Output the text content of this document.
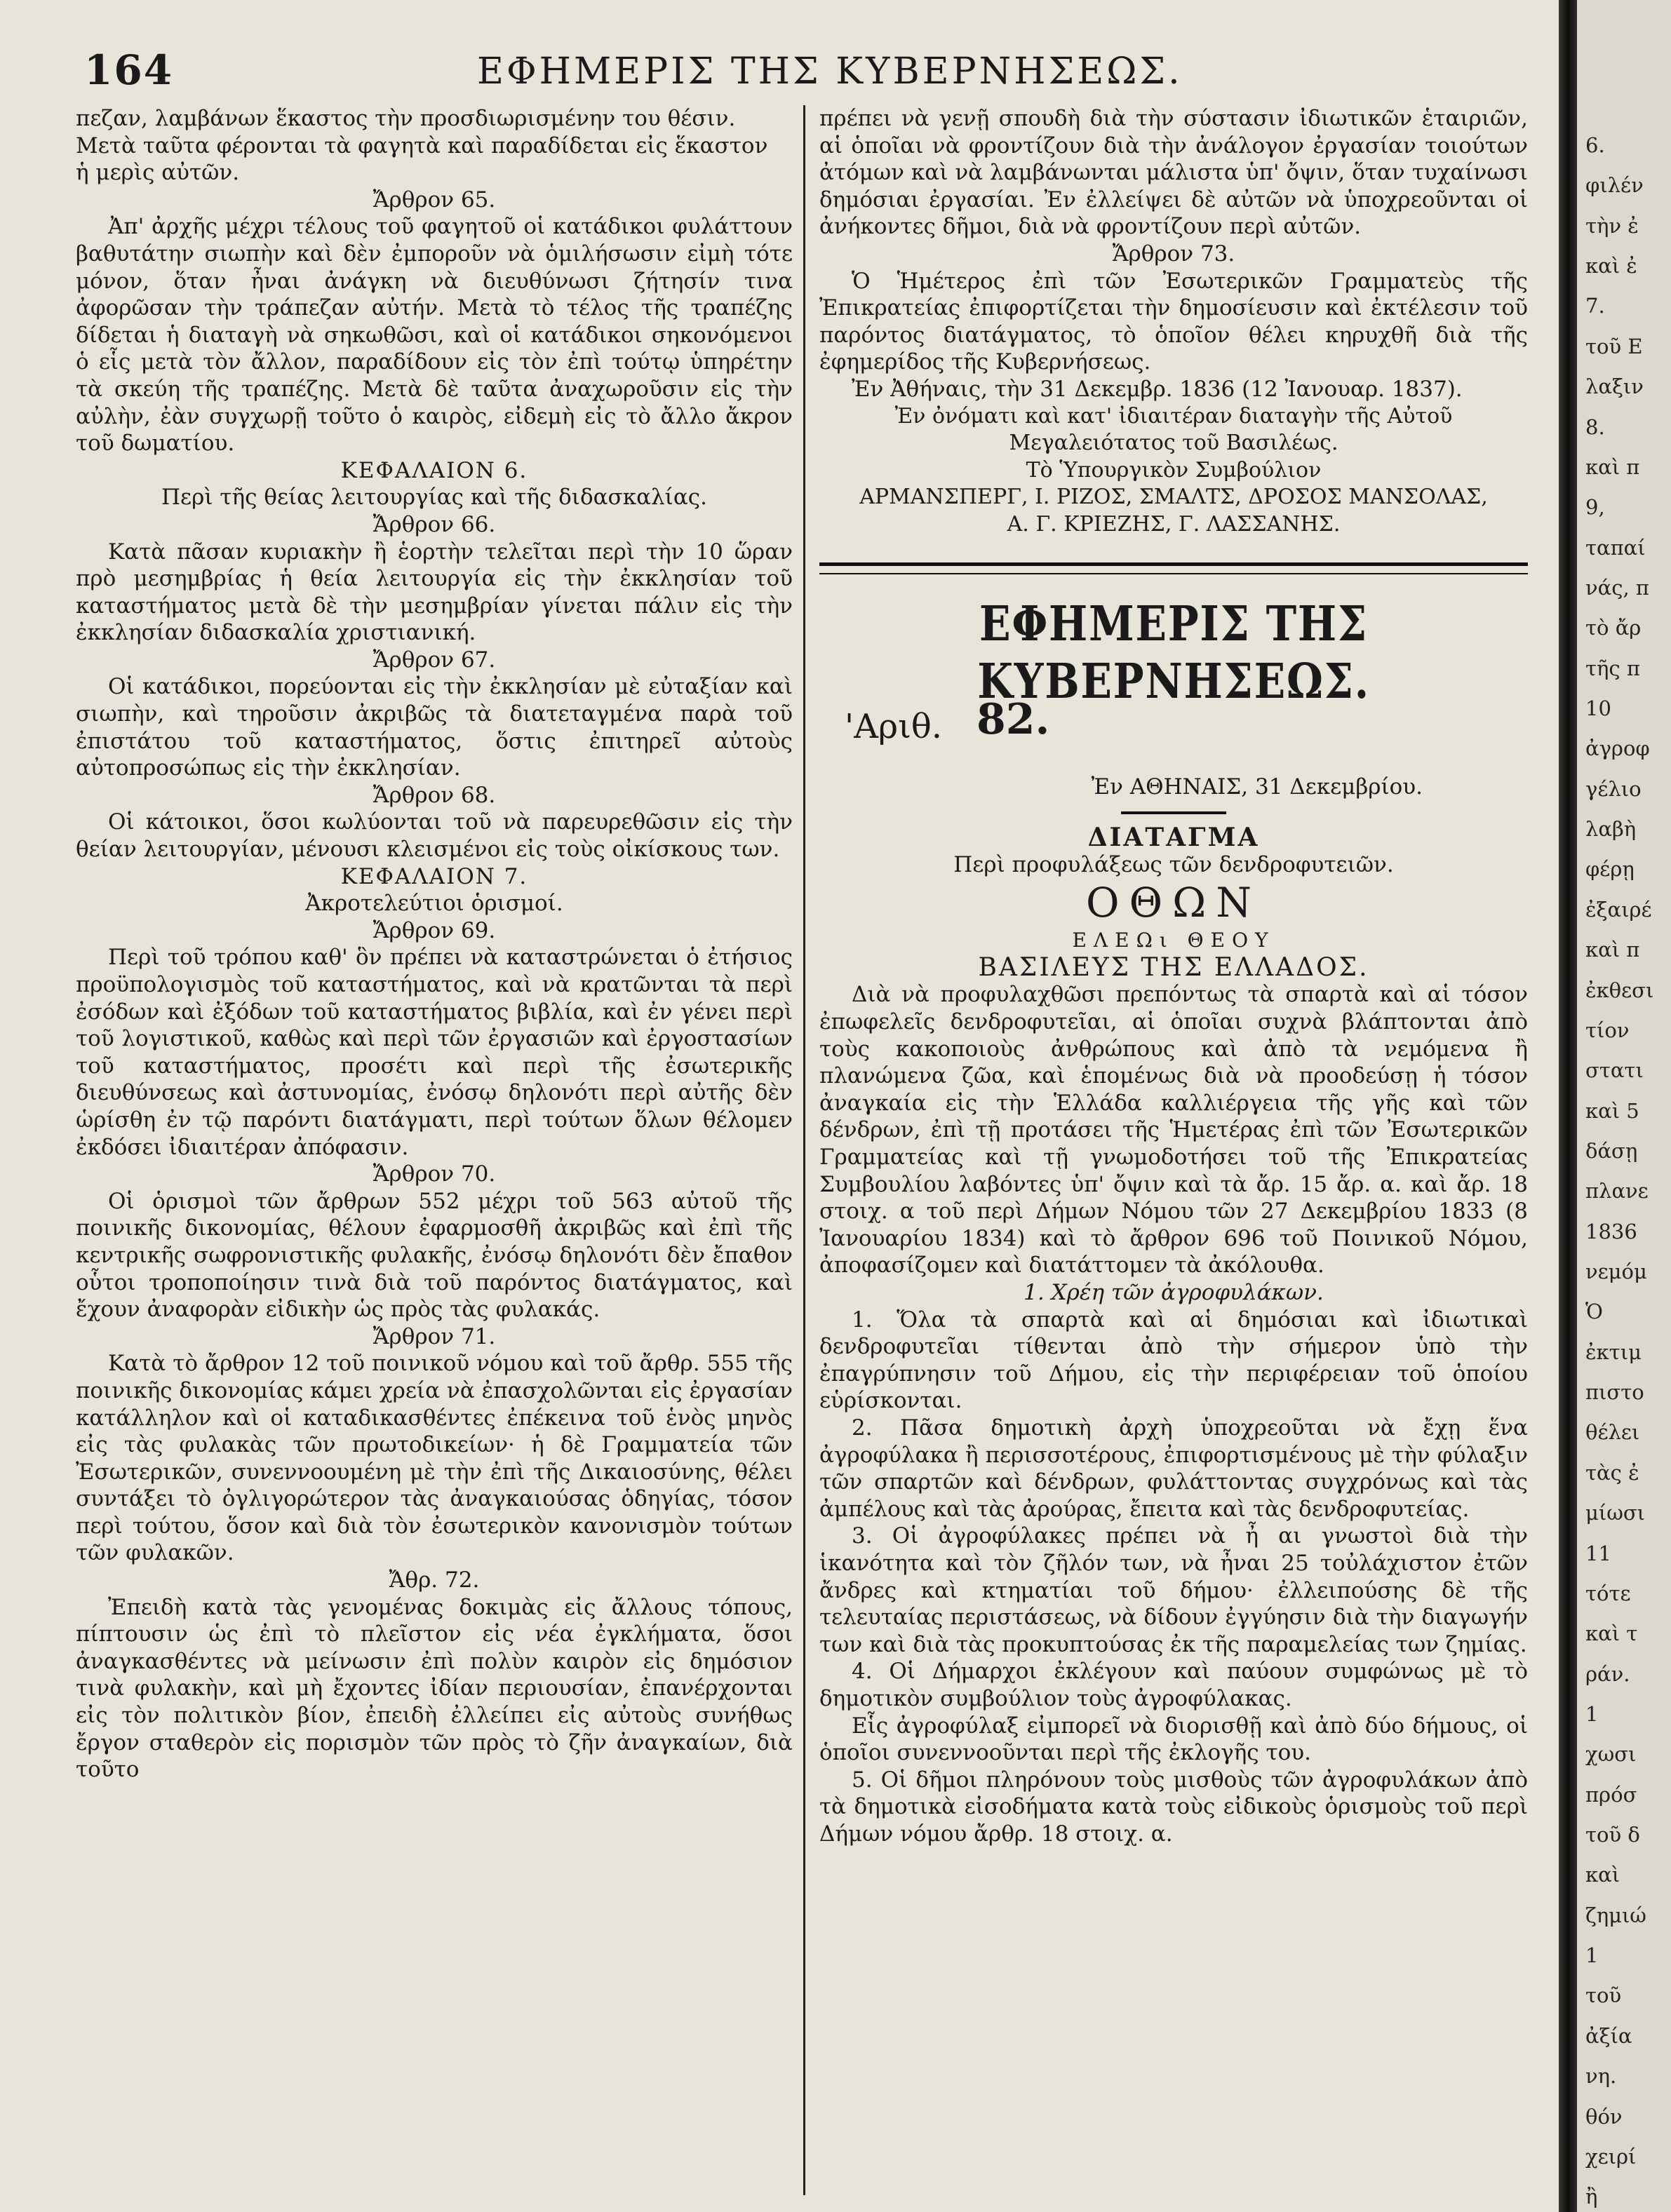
164	ΕΦΗΜΕΡΙΣ ΤΗΣ ΚΥΒΕΡΝΗΣΕΩΣ.

πεζαν, λαμβάνων ἕκαστος τὴν προσδιωρισμένην του θέσιν.

Μετὰ ταῦτα φέρονται τὰ φαγητὰ καὶ παραδίδεται εἰς ἕκαστον

ἡ μερὶς αὐτῶν.

Ἄρθρον 65.

Ἀπ' ἀρχῆς μέχρι τέλους τοῦ φαγητοῦ οἱ κατάδικοι φυλάττουν βαθυτάτην σιωπὴν καὶ δὲν ἐμποροῦν νὰ ὁμιλήσωσιν εἰμὴ τότε μόνον, ὅταν ἦναι ἀνάγκη νὰ διευθύνωσι ζήτησίν τινα ἀφορῶσαν τὴν τράπεζαν αὐτήν. Μετὰ τὸ τέλος τῆς τραπέζης δίδεται ἡ διαταγὴ νὰ σηκωθῶσι, καὶ οἱ κατάδικοι σηκονόμενοι ὁ εἷς μετὰ τὸν ἄλλον, παραδίδουν εἰς τὸν ἐπὶ τούτῳ ὑπηρέτην τὰ σκεύη τῆς τραπέζης. Μετὰ δὲ ταῦτα ἀναχωροῦσιν εἰς τὴν αὐλὴν, ἐὰν συγχωρῇ τοῦτο ὁ καιρὸς, εἰδεμὴ εἰς τὸ ἄλλο ἄκρον τοῦ δωματίου.

ΚΕΦΑΛΑΙΟΝ 6.

Περὶ τῆς θείας λειτουργίας καὶ τῆς διδασκαλίας.

Ἄρθρον 66.

Κατὰ πᾶσαν κυριακὴν ἢ ἑορτὴν τελεῖται περὶ τὴν 10 ὥραν πρὸ μεσημβρίας ἡ θεία λειτουργία εἰς τὴν ἐκκλησίαν τοῦ καταστήματος μετὰ δὲ τὴν μεσημβρίαν γίνεται πάλιν εἰς τὴν ἐκκλησίαν διδασκαλία χριστιανική.

Ἄρθρον 67.

Οἱ κατάδικοι, πορεύονται εἰς τὴν ἐκκλησίαν μὲ εὐταξίαν καὶ σιωπὴν, καὶ τηροῦσιν ἀκριβῶς τὰ διατεταγμένα παρὰ τοῦ ἐπιστάτου τοῦ καταστήματος, ὅστις ἐπιτηρεῖ αὐτοὺς αὐτοπροσώπως εἰς τὴν ἐκκλησίαν.

Ἄρθρον 68.

Οἱ κάτοικοι, ὅσοι κωλύονται τοῦ νὰ παρευρεθῶσιν εἰς τὴν θείαν λειτουργίαν, μένουσι κλεισμένοι εἰς τοὺς οἰκίσκους των.

ΚΕΦΑΛΑΙΟΝ 7.

Ἀκροτελεύτιοι ὁρισμοί.

Ἄρθρον 69.

Περὶ τοῦ τρόπου καθ' ὃν πρέπει νὰ καταστρώνεται ὁ ἐτήσιος προϋπολογισμὸς τοῦ καταστήματος, καὶ νὰ κρατῶνται τὰ περὶ ἐσόδων καὶ ἐξόδων τοῦ καταστήματος βιβλία, καὶ ἐν γένει περὶ τοῦ λογιστικοῦ, καθὼς καὶ περὶ τῶν ἐργασιῶν καὶ ἐργοστασίων τοῦ καταστήματος, προσέτι καὶ περὶ τῆς ἐσωτερικῆς διευθύνσεως καὶ ἀστυνομίας, ἐνόσῳ δηλονότι περὶ αὐτῆς δὲν ὡρίσθη ἐν τῷ παρόντι διατάγματι, περὶ τούτων ὅλων θέλομεν ἐκδόσει ἰδιαιτέραν ἀπόφασιν.

Ἄρθρον 70.

Οἱ ὁρισμοὶ τῶν ἄρθρων 552 μέχρι τοῦ 563 αὐτοῦ τῆς ποινικῆς δικονομίας, θέλουν ἐφαρμοσθῆ ἀκριβῶς καὶ ἐπὶ τῆς κεντρικῆς σωφρονιστικῆς φυλακῆς, ἐνόσῳ δηλονότι δὲν ἔπαθον οὗτοι τροποποίησιν τινὰ διὰ τοῦ παρόντος διατάγματος, καὶ ἔχουν ἀναφορὰν εἰδικὴν ὡς πρὸς τὰς φυλακάς.

Ἄρθρον 71.

Κατὰ τὸ ἄρθρον 12 τοῦ ποινικοῦ νόμου καὶ τοῦ ἄρθρ. 555 τῆς ποινικῆς δικονομίας κάμει χρεία νὰ ἐπασχολῶνται εἰς ἐργασίαν κατάλληλον καὶ οἱ καταδικασθέντες ἐπέκεινα τοῦ ἑνὸς μηνὸς εἰς τὰς φυλακὰς τῶν πρωτοδικείων· ἡ δὲ Γραμματεία τῶν Ἐσωτερικῶν, συνεννοουμένη μὲ τὴν ἐπὶ τῆς Δικαιοσύνης, θέλει συντάξει τὸ ὀγλιγορώτερον τὰς ἀναγκαιούσας ὁδηγίας, τόσον περὶ τούτου, ὅσον καὶ διὰ τὸν ἐσωτερικὸν κανονισμὸν τούτων τῶν φυλακῶν.

Ἄθρ. 72.

Ἐπειδὴ κατὰ τὰς γενομένας δοκιμὰς εἰς ἄλλους τόπους, πίπτουσιν ὡς ἐπὶ τὸ πλεῖστον εἰς νέα ἐγκλήματα, ὅσοι ἀναγκασθέντες νὰ μείνωσιν ἐπὶ πολὺν καιρὸν εἰς δημόσιον τινὰ φυλακὴν, καὶ μὴ ἔχοντες ἰδίαν περιουσίαν, ἐπανέρχονται εἰς τὸν πολιτικὸν βίον, ἐπειδὴ ἐλλείπει εἰς αὐτοὺς συνήθως ἔργον σταθερὸν εἰς πορισμὸν τῶν πρὸς τὸ ζῆν ἀναγκαίων, διὰ τοῦτο

πρέπει νὰ γενῇ σπουδὴ διὰ τὴν σύστασιν ἰδιωτικῶν ἑταιριῶν, αἱ ὁποῖαι νὰ φροντίζουν διὰ τὴν ἀνάλογον ἐργασίαν τοιούτων ἀτόμων καὶ νὰ λαμβάνωνται μάλιστα ὑπ' ὄψιν, ὅταν τυχαίνωσι δημόσιαι ἐργασίαι. Ἐν ἐλλείψει δὲ αὐτῶν νὰ ὑποχρεοῦνται οἱ ἀνήκοντες δῆμοι, διὰ νὰ φροντίζουν περὶ αὐτῶν.

Ἄρθρον 73.

Ὁ Ἡμέτερος ἐπὶ τῶν Ἐσωτερικῶν Γραμματεὺς τῆς Ἐπικρατείας ἐπιφορτίζεται τὴν δημοσίευσιν καὶ ἐκτέλεσιν τοῦ παρόντος διατάγματος, τὸ ὁποῖον θέλει κηρυχθῆ διὰ τῆς ἐφημερίδος τῆς Κυβερνήσεως.

Ἐν Ἀθήναις, τὴν 31 Δεκεμβρ. 1836 (12 Ἰανουαρ. 1837).

Ἐν ὀνόματι καὶ κατ' ἰδιαιτέραν διαταγὴν τῆς Αὐτοῦ

Μεγαλειότατος τοῦ Βασιλέως.

Τὸ Ὑπουργικὸν Συμβούλιον

ΑΡΜΑΝΣΠΕΡΓ, Ι. ΡΙΖΟΣ, ΣΜΑΛΤΣ, ΔΡΟΣΟΣ ΜΑΝΣΟΛΑΣ,

Α. Γ. ΚΡΙΕΖΗΣ, Γ. ΛΑΣΣΑΝΗΣ.

ΕΦΗΜΕΡΙΣ ΤΗΣ ΚΥΒΕΡΝΗΣΕΩΣ.

'Αριθ. 82.

Ἐν ΑΘΗΝΑΙΣ, 31 Δεκεμβρίου.

ΔΙΑΤΑΓΜΑ

Περὶ προφυλάξεως τῶν δενδροφυτειῶν.

ΟΘΩΝ

ΕΛΕΩι ΘΕΟΥ

ΒΑΣΙΛΕΥΣ ΤΗΣ ΕΛΛΑΔΟΣ.

Διὰ νὰ προφυλαχθῶσι πρεπόντως τὰ σπαρτὰ καὶ αἱ τόσον ἐπωφελεῖς δενδροφυτεῖαι, αἱ ὁποῖαι συχνὰ βλάπτονται ἀπὸ τοὺς κακοποιοὺς ἀνθρώπους καὶ ἀπὸ τὰ νεμόμενα ἢ πλανώμενα ζῶα, καὶ ἑπομένως διὰ νὰ προοδεύσῃ ἡ τόσον ἀναγκαία εἰς τὴν Ἑλλάδα καλλιέργεια τῆς γῆς καὶ τῶν δένδρων, ἐπὶ τῇ προτάσει τῆς Ἡμετέρας ἐπὶ τῶν Ἐσωτερικῶν Γραμματείας καὶ τῇ γνωμοδοτήσει τοῦ τῆς Ἐπικρατείας Συμβουλίου λαβόντες ὑπ' ὄψιν καὶ τὰ ἄρ. 15 ἄρ. α. καὶ ἄρ. 18 στοιχ. α τοῦ περὶ Δήμων Νόμου τῶν 27 Δεκεμβρίου 1833 (8 Ἰανουαρίου 1834) καὶ τὸ ἄρθρον 696 τοῦ Ποινικοῦ Νόμου, ἀποφασίζομεν καὶ διατάττομεν τὰ ἀκόλουθα.

1. Χρέη τῶν ἀγροφυλάκων.

1. Ὅλα τὰ σπαρτὰ καὶ αἱ δημόσιαι καὶ ἰδιωτικαὶ δενδροφυτεῖαι τίθενται ἀπὸ τὴν σήμερον ὑπὸ τὴν ἐπαγρύπνησιν τοῦ Δήμου, εἰς τὴν περιφέρειαν τοῦ ὁποίου εὑρίσκονται.

2. Πᾶσα δημοτικὴ ἀρχὴ ὑποχρεοῦται νὰ ἔχῃ ἕνα ἀγροφύλακα ἢ περισσοτέρους, ἐπιφορτισμένους μὲ τὴν φύλαξιν τῶν σπαρτῶν καὶ δένδρων, φυλάττοντας συγχρόνως καὶ τὰς ἀμπέλους καὶ τὰς ἀρούρας, ἔπειτα καὶ τὰς δενδροφυτείας.

3. Οἱ ἀγροφύλακες πρέπει νὰ ἦ αι γνωστοὶ διὰ τὴν ἱκανότητα καὶ τὸν ζῆλόν των, νὰ ἦναι 25 τοὐλάχιστον ἐτῶν ἄνδρες καὶ κτηματίαι τοῦ δήμου· ἐλλειπούσης δὲ τῆς τελευταίας περιστάσεως, νὰ δίδουν ἐγγύησιν διὰ τὴν διαγωγήν των καὶ διὰ τὰς προκυπτούσας ἐκ τῆς παραμελείας των ζημίας.

4. Οἱ Δήμαρχοι ἐκλέγουν καὶ παύουν συμφώνως μὲ τὸ δημοτικὸν συμβούλιον τοὺς ἀγροφύλακας.

Εἷς ἀγροφύλαξ εἰμπορεῖ νὰ διορισθῇ καὶ ἀπὸ δύο δήμους, οἱ ὁποῖοι συνεννοοῦνται περὶ τῆς ἐκλογῆς του.

5. Οἱ δῆμοι πληρόνουν τοὺς μισθοὺς τῶν ἀγροφυλάκων ἀπὸ τὰ δημοτικὰ εἰσοδήματα κατὰ τοὺς εἰδικοὺς ὁρισμοὺς τοῦ περὶ Δήμων νόμου ἄρθρ. 18 στοιχ. α.

6.
φιλέν
τὴν ἐ
καὶ ἐ
7.
τοῦ Ε
λαξιν
8.
καὶ π
9,
ταπαί
νάς, π
τὸ ἄρ
τῆς π
10
ἀγροφ
γέλιο
λαβὴ
φέρῃ
ἐξαιρέ
καὶ π
ἐκθεσι
τίον
στατι
καὶ 5
δάσῃ
πλανε
1836
νεμόμ
Ὁ
ἐκτιμ
πιστο
θέλει
τὰς ἐ
μίωσι
11
τότε
καὶ τ
ράν.
1
χωσι
πρόσ
τοῦ δ
καὶ
ζημιώ
1
τοῦ
ἀξία
νη.
θόν
χειρί
ἢ
